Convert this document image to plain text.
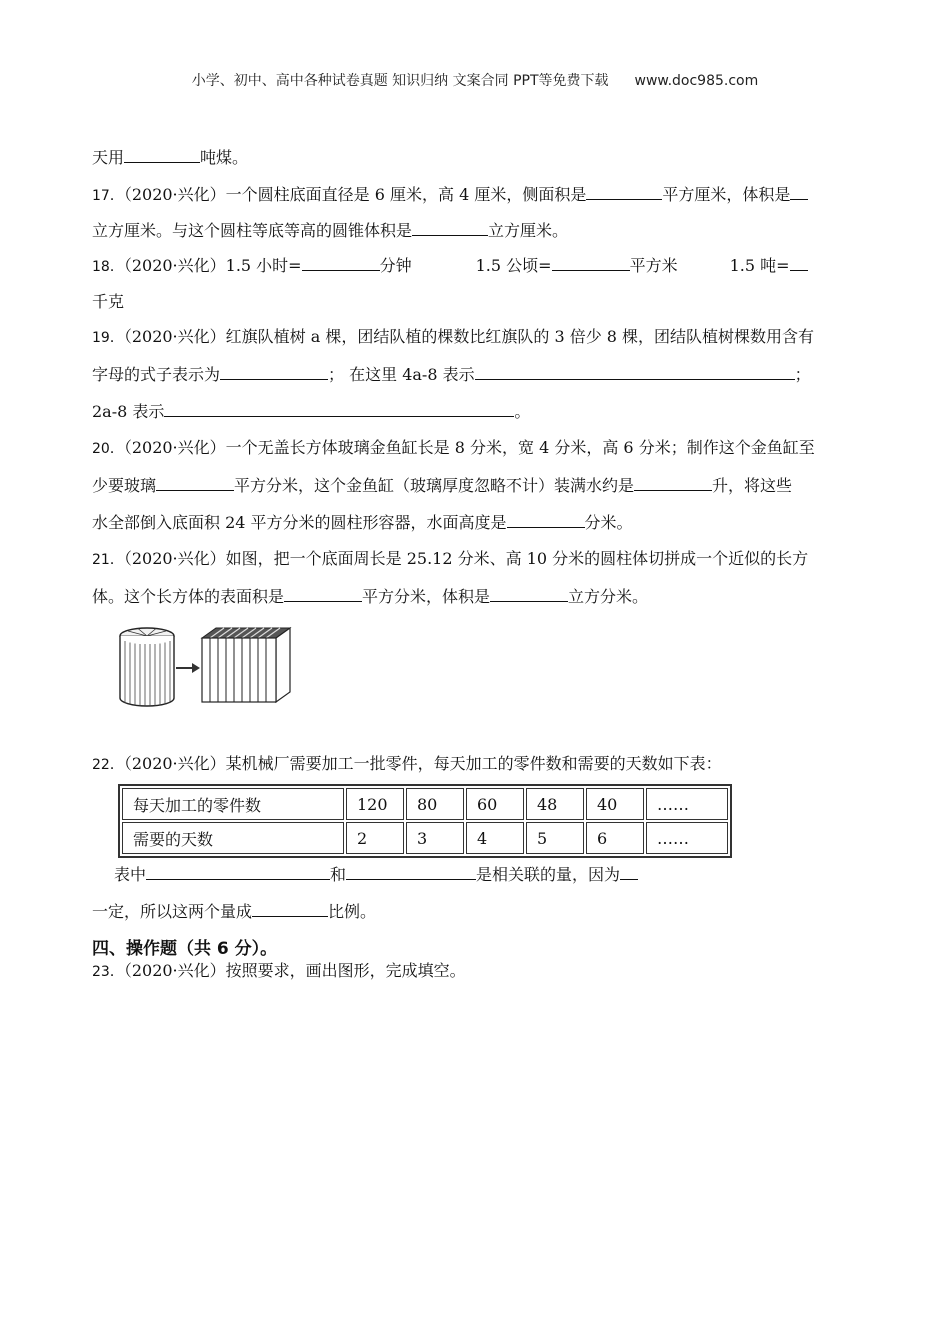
小学、初中、高中各种试卷真题 知识归纳 文案合同 PPT等免费下载 www.doc985.com
天用	吨煤。
17．（2020·兴化）一个圆柱底面直径是 6 厘米，高 4 厘米，侧面积是	平方厘米，体积是
立方厘米。与这个圆柱等底等高的圆锥体积是	立方厘米。
18．（2020·兴化）1.5 小时=	分钟	1.5 公顷=	平方米	1.5 吨=
千克
19．（2020·兴化）红旗队植树 a 棵，团结队植的棵数比红旗队的 3 倍少 8 棵，团结队植树棵数用含有
字母的式子表示为	； 在这里 4a-8 表示	；
2a-8 表示	。
20．（2020·兴化）一个无盖长方体玻璃金鱼缸长是 8 分米，宽 4 分米，高 6 分米；制作这个金鱼缸至
少要玻璃	平方分米，这个金鱼缸（玻璃厚度忽略不计）装满水约是	升，将这些
水全部倒入底面积 24 平方分米的圆柱形容器，水面高度是	分米。
21．（2020·兴化）如图，把一个底面周长是 25.12 分米、高 10 分米的圆柱体切拼成一个近似的长方
体。这个长方体的表面积是	平方分米，体积是	立方分米。
22．（2020·兴化）某机械厂需要加工一批零件，每天加工的零件数和需要的天数如下表：
每天加工的零件数	120	80	60	48	40	……
需要的天数	2	3	4	5	6	……
表中	和	是相关联的量，因为
一定，所以这两个量成	比例。
四、操作题（共 6 分）。
23．（2020·兴化）按照要求，画出图形，完成填空。
